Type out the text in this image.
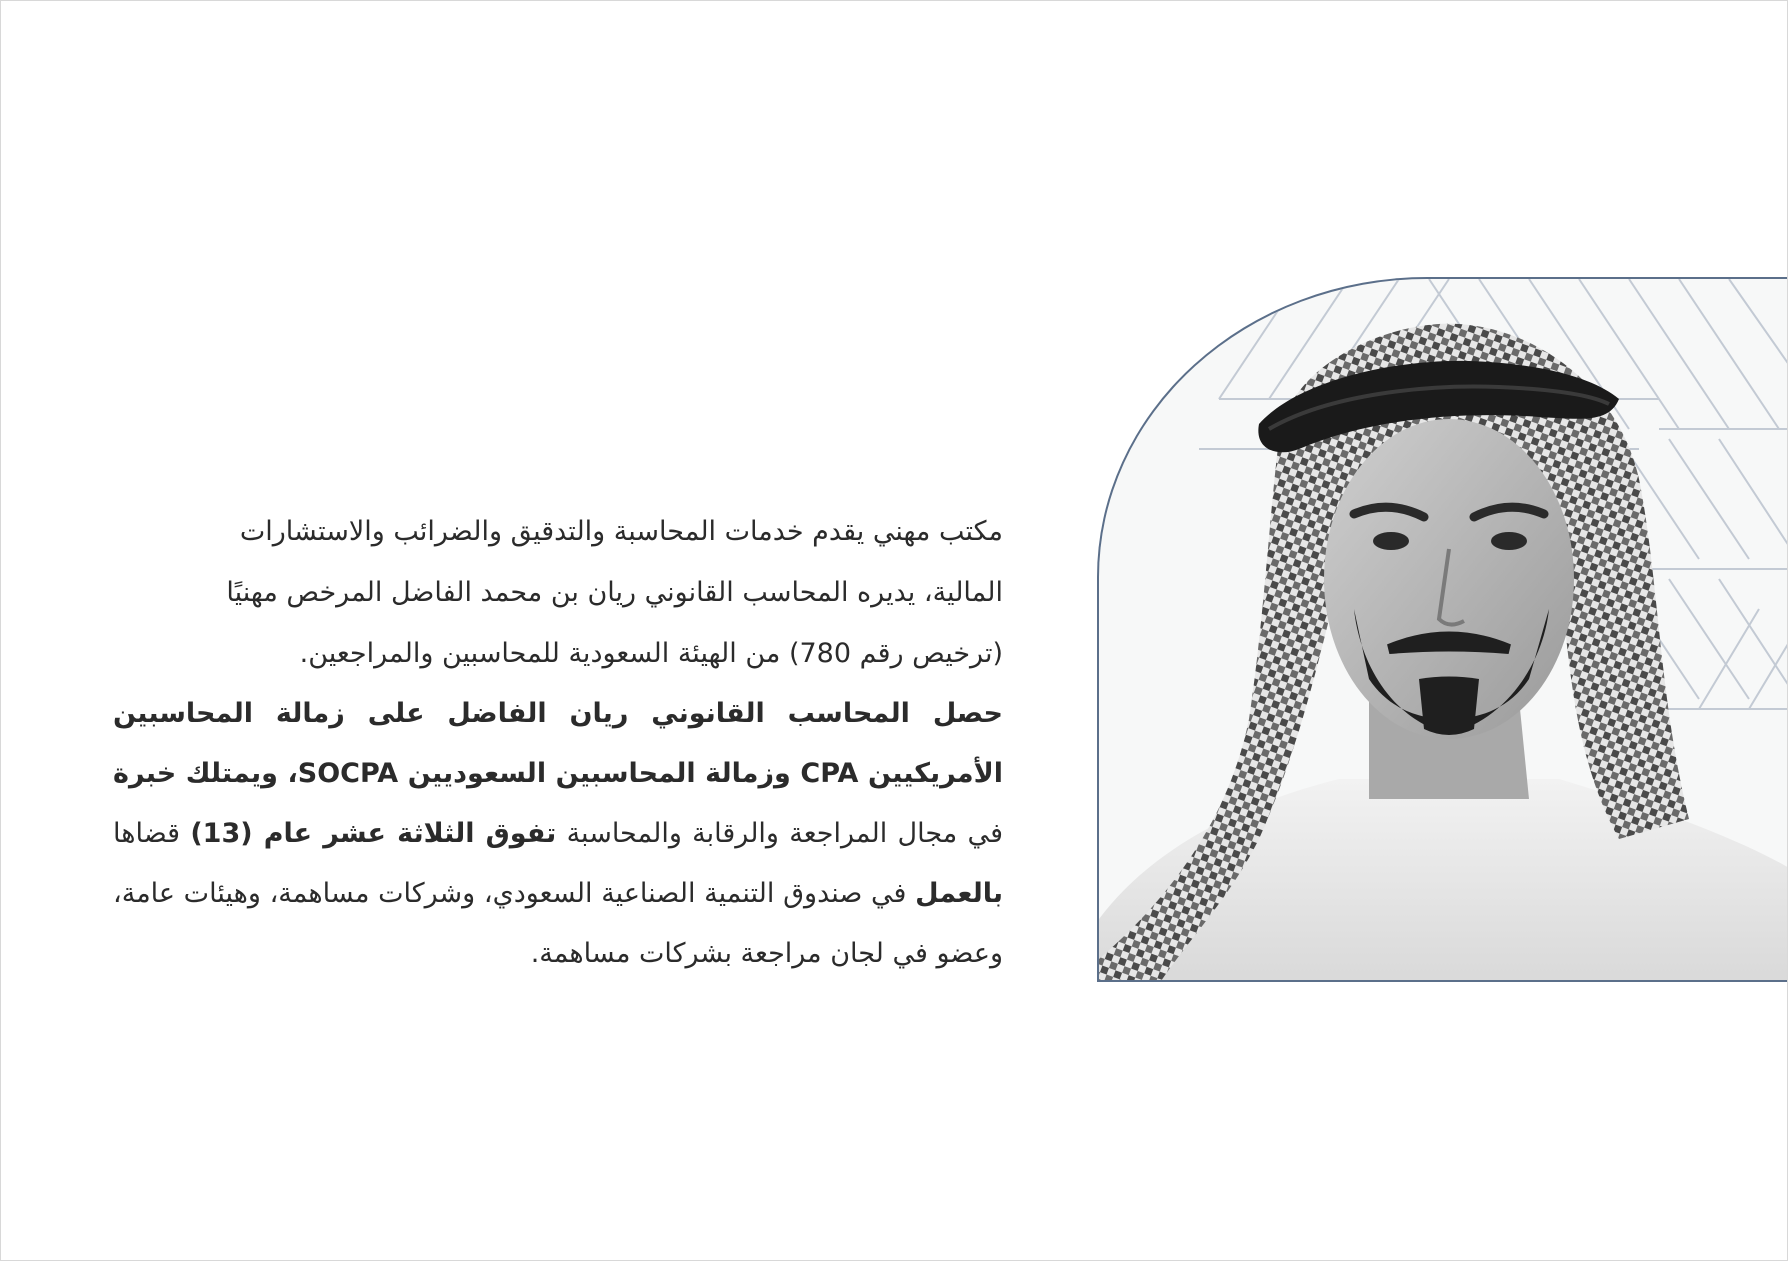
مكتب مهني يقدم خدمات المحاسبة والتدقيق والضرائب والاستشارات
المالية، يديره المحاسب القانوني ريان بن محمد الفاضل المرخص مهنيًا
(ترخيص رقم 780) من الهيئة السعودية للمحاسبين والمراجعين.

حصل المحاسب القانوني ريان الفاضل على زمالة المحاسبين الأمريكيين CPA وزمالة المحاسبين السعوديين SOCPA، ويمتلك خبرة في مجال المراجعة والرقابة والمحاسبة تفوق الثلاثة عشر عام (13) قضاها بالعمل في صندوق التنمية الصناعية السعودي، وشركات مساهمة، وهيئات عامة، وعضو في لجان مراجعة بشركات مساهمة.
